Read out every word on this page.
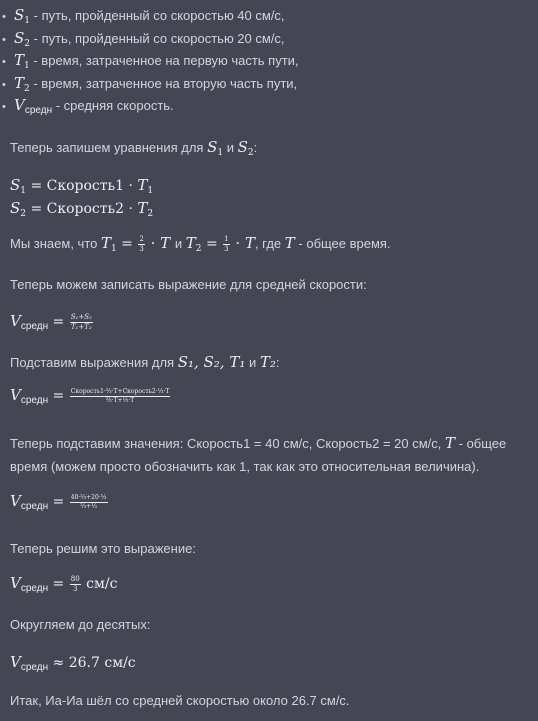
• $S_1$ - путь, пройденный со скоростью 40 см/с,
• $S_2$ - путь, пройденный со скоростью 20 см/с,
• $T_1$ - время, затраченное на первую часть пути,
• $T_2$ - время, затраченное на вторую часть пути,
• $V_{средн}$ - средняя скорость.
Теперь запишем уравнения для $S_1$ и $S_2$:
$S_1$ = Скорость1 · $T_1$
$S_2$ = Скорость2 · $T_2$
Мы знаем, что $T_1 = \frac{2}{3} \cdot T$ и $T_2 = \frac{1}{3} \cdot T$, где T - общее время.
Теперь можем записать выражение для средней скорости:
$V_{средн} = \frac{\text{S₁+S₂}}{\text{T₁+T₂}}$
Подставим выражения для S₁, S₂, T₁ и T₂:
$V_{средн} = \frac{\text{Скорость1·⅔·T+Скорость2·⅓·T}}{\text{⅔·T+⅓·T}}$
Теперь подставим значения: Скорость1 = 40 см/с, Скорость2 = 20 см/с, T - общее
время (можем просто обозначить как 1, так как это относительная величина).
$V_{средн} = \frac{\text{40·⅔+20·⅓}}{\text{⅔+⅓}}$
Теперь решим это выражение:
$V_{средн} = \frac{80}{3} см/с$
Округляем до десятых:
$V_{средн} \approx 26.7$ см/с
Итак, Иа-Иа шёл со средней скоростью около 26.7 см/с.
